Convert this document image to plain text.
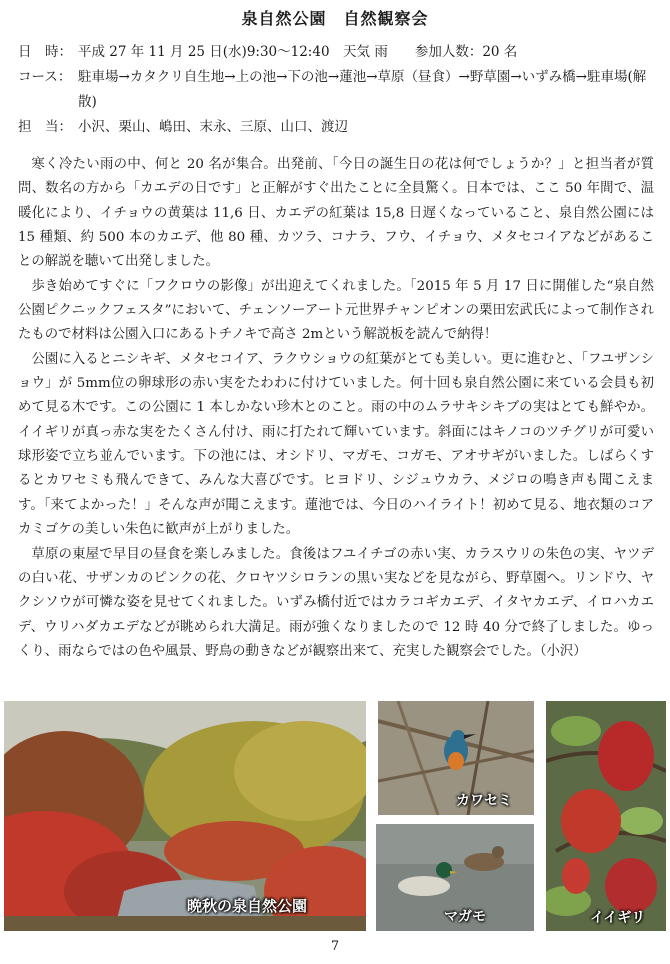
泉自然公園　自然観察会
日　時： 平成 27 年 11 月 25 日(水)9:30～12:40　天気 雨　　参加人数：20 名
コース： 駐車場→カタクリ自生地→上の池→下の池→蓮池→草原（昼食）→野草園→いずみ橋→駐車場(解散)
担　当： 小沢、栗山、嶋田、末永、三原、山口、渡辺

寒く冷たい雨の中、何と 20 名が集合。出発前、「今日の誕生日の花は何でしょうか？」と担当者が質問、数名の方から「カエデの日です」と正解がすぐ出たことに全員驚く。日本では、ここ 50 年間で、温暖化により、イチョウの黄葉は 11,6 日、カエデの紅葉は 15,8 日遅くなっていること、泉自然公園には 15 種類、約 500 本のカエデ、他 80 種、カツラ、コナラ、フウ、イチョウ、メタセコイアなどがあることの解説を聴いて出発しました。

歩き始めてすぐに「フクロウの影像」が出迎えてくれました。「2015 年 5 月 17 日に開催した“泉自然公園ピクニックフェスタ”において、チェンソーアート元世界チャンピオンの栗田宏武氏によって制作されたもので材料は公園入口にあるトチノキで高さ 2mという解説板を読んで納得！

公園に入るとニシキギ、メタセコイア、ラクウショウの紅葉がとても美しい。更に進むと、「フユザンショウ」が 5mm位の卵球形の赤い実をたわわに付けていました。何十回も泉自然公園に来ている会員も初めて見る木です。この公園に 1 本しかない珍木とのこと。雨の中のムラサキシキブの実はとても鮮やか。イイギリが真っ赤な実をたくさん付け、雨に打たれて輝いています。斜面にはキノコのツチグリが可愛い球形姿で立ち並んでいます。下の池には、オシドリ、マガモ、コガモ、アオサギがいました。しばらくするとカワセミも飛んできて、みんな大喜びです。ヒヨドリ、シジュウカラ、メジロの鳴き声も聞こえます。「来てよかった！」そんな声が聞こえます。蓮池では、今日のハイライト！初めて見る、地衣類のコアカミゴケの美しい朱色に歓声が上がりました。

草原の東屋で早目の昼食を楽しみました。食後はフユイチゴの赤い実、カラスウリの朱色の実、ヤツデの白い花、サザンカのピンクの花、クロヤツシロランの黒い実などを見ながら、野草園へ。リンドウ、ヤクシソウが可憐な姿を見せてくれました。いずみ橋付近ではカラコギカエデ、イタヤカエデ、イロハカエデ、ウリハダカエデなどが眺められ大満足。雨が強くなりましたので 12 時 40 分で終了しました。ゆっくり、雨ならではの色や風景、野鳥の動きなどが観察出来て、充実した観察会でした。（小沢）

晩秋の泉自然公園
カワセミ
マガモ	イイギリ
7
